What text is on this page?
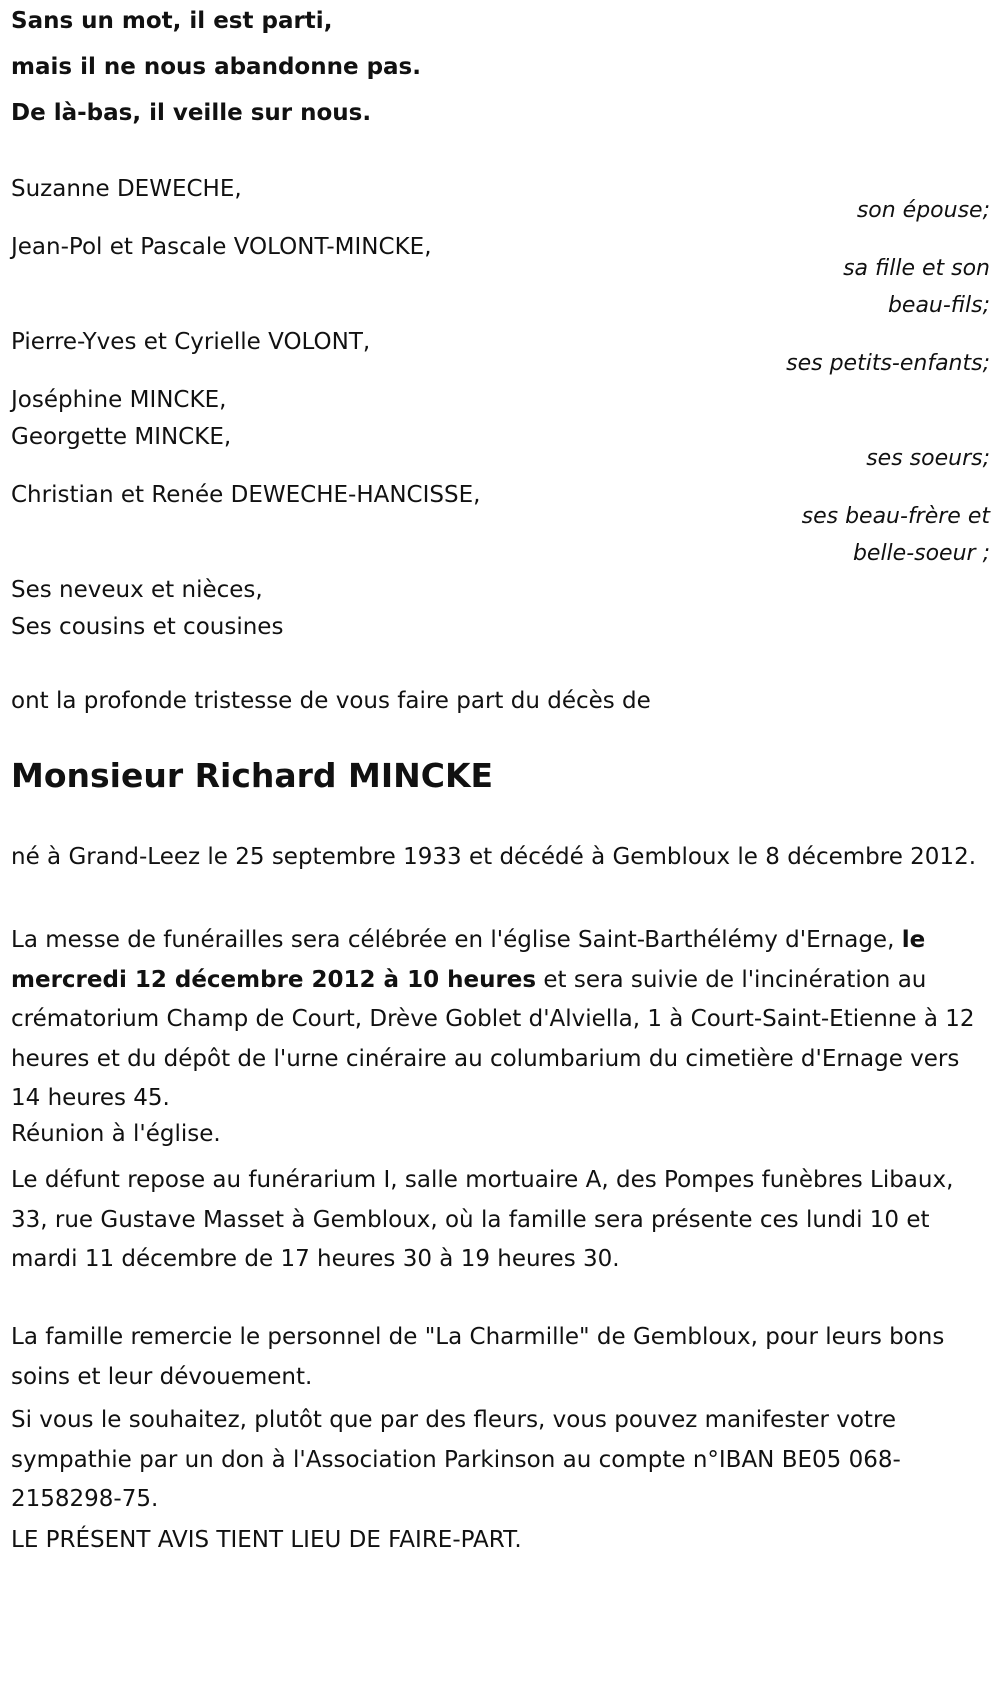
Sans un mot, il est parti,
mais il ne nous abandonne pas.
De là-bas, il veille sur nous.
Suzanne DEWECHE,
son épouse;
Jean-Pol et Pascale VOLONT-MINCKE,
sa fille et son
beau-fils;
Pierre-Yves et Cyrielle VOLONT,
ses petits-enfants;
Joséphine MINCKE,
Georgette MINCKE,
ses soeurs;
Christian et Renée DEWECHE-HANCISSE,
ses beau-frère et
belle-soeur ;
Ses neveux et nièces,
Ses cousins et cousines
ont la profonde tristesse de vous faire part du décès de
Monsieur Richard MINCKE
né à Grand-Leez le 25 septembre 1933 et décédé à Gembloux le 8 décembre 2012.
La messe de funérailles sera célébrée en l'église Saint-Barthélémy d'Ernage, le mercredi 12 décembre 2012 à 10 heures et sera suivie de l'incinération au crématorium Champ de Court, Drève Goblet d'Alviella, 1 à Court-Saint-Etienne à 12 heures et du dépôt de l'urne cinéraire au columbarium du cimetière d'Ernage vers 14 heures 45.
Réunion à l'église.
Le défunt repose au funérarium I, salle mortuaire A, des Pompes funèbres Libaux, 33, rue Gustave Masset à Gembloux, où la famille sera présente ces lundi 10 et mardi 11 décembre de 17 heures 30 à 19 heures 30.
La famille remercie le personnel de "La Charmille" de Gembloux, pour leurs bons soins et leur dévouement.
Si vous le souhaitez, plutôt que par des fleurs, vous pouvez manifester votre sympathie par un don à l'Association Parkinson au compte n°IBAN BE05 068-2158298-75.
LE PRÉSENT AVIS TIENT LIEU DE FAIRE-PART.
